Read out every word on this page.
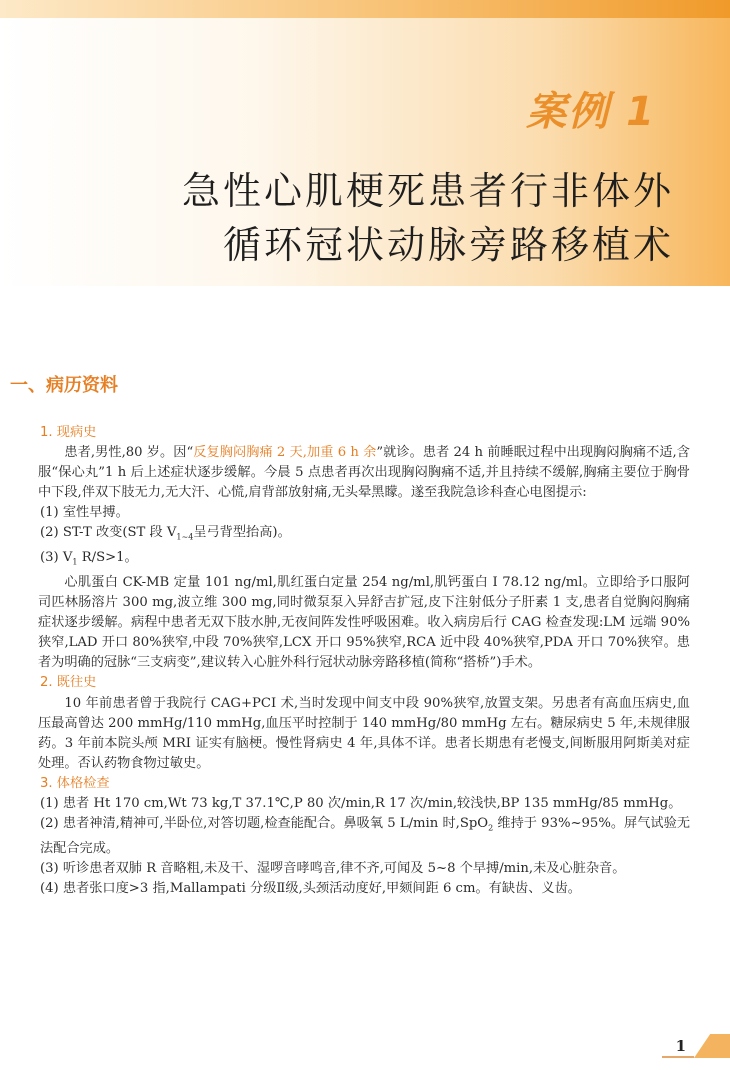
案例 1
急性心肌梗死患者行非体外
循环冠状动脉旁路移植术
一、病历资料

1. 现病史

患者,男性,80 岁。因“反复胸闷胸痛 2 天,加重 6 h 余”就诊。患者 24 h 前睡眠过程中出现胸闷胸痛不适,含服“保心丸”1 h 后上述症状逐步缓解。今晨 5 点患者再次出现胸闷胸痛不适,并且持续不缓解,胸痛主要位于胸骨中下段,伴双下肢无力,无大汗、心慌,肩背部放射痛,无头晕黑矇。遂至我院急诊科查心电图提示:

(1) 室性早搏。

(2) ST-T 改变(ST 段 $V_{1\sim 4}$呈弓背型抬高)。

(3) $V_1$ R/S>1。

心肌蛋白 CK-MB 定量 101 ng/ml,肌红蛋白定量 254 ng/ml,肌钙蛋白 I 78.12 ng/ml。立即给予口服阿司匹林肠溶片 300 mg,波立维 300 mg,同时微泵泵入异舒吉扩冠,皮下注射低分子肝素 1 支,患者自觉胸闷胸痛症状逐步缓解。病程中患者无双下肢水肿,无夜间阵发性呼吸困难。收入病房后行 CAG 检查发现:LM 远端 90%狭窄,LAD 开口 80%狭窄,中段 70%狭窄,LCX 开口 95%狭窄,RCA 近中段 40%狭窄,PDA 开口 70%狭窄。患者为明确的冠脉“三支病变”,建议转入心脏外科行冠状动脉旁路移植(简称“搭桥”)手术。

2. 既往史

10 年前患者曾于我院行 CAG+PCI 术,当时发现中间支中段 90%狭窄,放置支架。另患者有高血压病史,血压最高曾达 200 mmHg/110 mmHg,血压平时控制于 140 mmHg/80 mmHg 左右。糖尿病史 5 年,未规律服药。3 年前本院头颅 MRI 证实有脑梗。慢性肾病史 4 年,具体不详。患者长期患有老慢支,间断服用阿斯美对症处理。否认药物食物过敏史。

3. 体格检查

(1) 患者 Ht 170 cm,Wt 73 kg,T 37.1℃,P 80 次/min,R 17 次/min,较浅快,BP 135 mmHg/85 mmHg。

(2) 患者神清,精神可,半卧位,对答切题,检查能配合。鼻吸氧 5 L/min 时,SpO$_2$ 维持于 93%~95%。屏气试验无法配合完成。

(3) 听诊患者双肺 R 音略粗,未及干、湿啰音哮鸣音,律不齐,可闻及 5~8 个早搏/min,未及心脏杂音。

(4) 患者张口度>3 指,Mallampati 分级Ⅱ级,头颈活动度好,甲颏间距 6 cm。有缺齿、义齿。

1
